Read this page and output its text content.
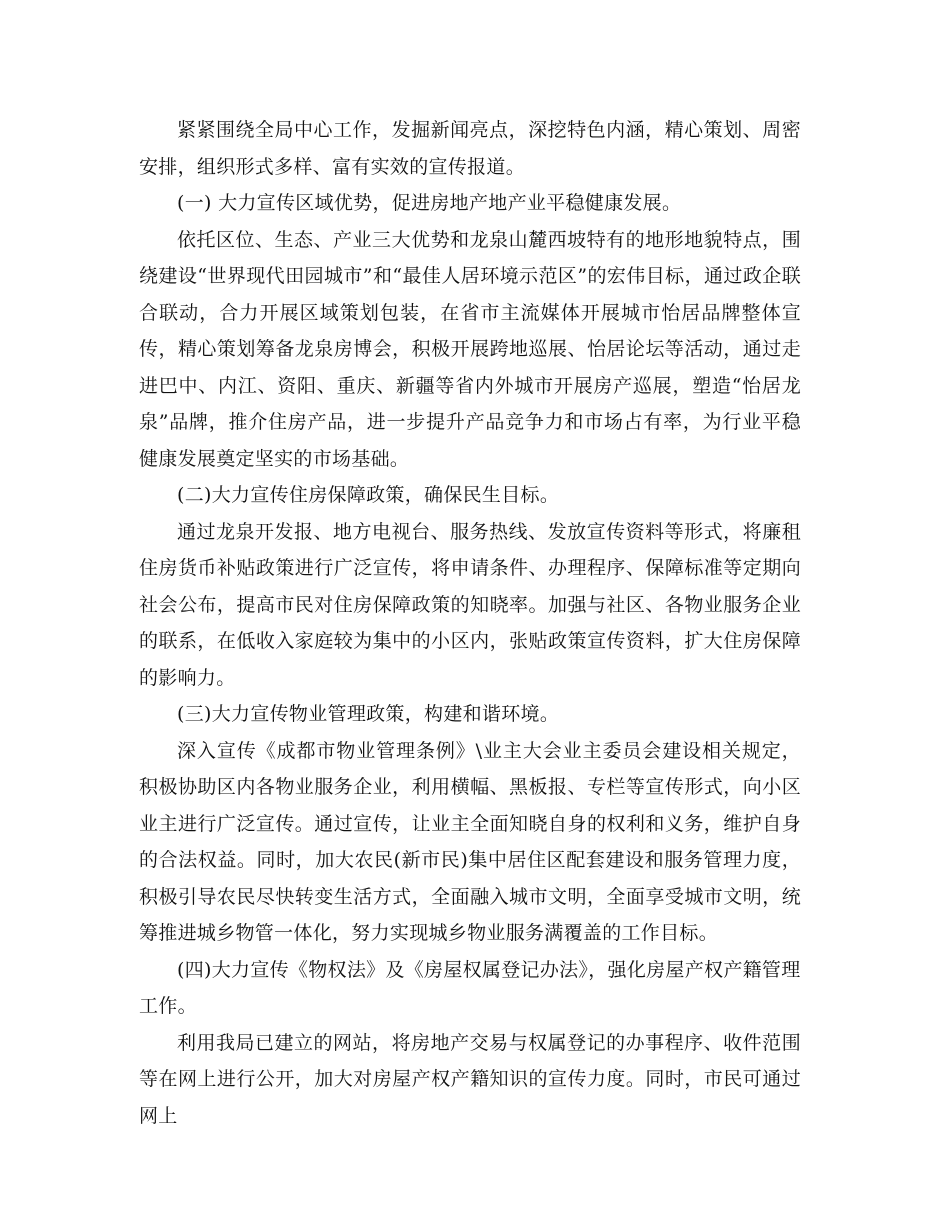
紧紧围绕全局中心工作，发掘新闻亮点，深挖特色内涵，精心策划、周密安排，组织形式多样、富有实效的宣传报道。

(一) 大力宣传区域优势，促进房地产地产业平稳健康发展。

依托区位、生态、产业三大优势和龙泉山麓西坡特有的地形地貌特点，围绕建设“世界现代田园城市”和“最佳人居环境示范区”的宏伟目标，通过政企联合联动，合力开展区域策划包装，在省市主流媒体开展城市怡居品牌整体宣传，精心策划筹备龙泉房博会，积极开展跨地巡展、怡居论坛等活动，通过走进巴中、内江、资阳、重庆、新疆等省内外城市开展房产巡展，塑造“怡居龙泉”品牌，推介住房产品，进一步提升产品竞争力和市场占有率，为行业平稳健康发展奠定坚实的市场基础。

(二)大力宣传住房保障政策，确保民生目标。

通过龙泉开发报、地方电视台、服务热线、发放宣传资料等形式，将廉租住房货币补贴政策进行广泛宣传，将申请条件、办理程序、保障标准等定期向社会公布，提高市民对住房保障政策的知晓率。加强与社区、各物业服务企业的联系，在低收入家庭较为集中的小区内，张贴政策宣传资料，扩大住房保障的影响力。

(三)大力宣传物业管理政策，构建和谐环境。

深入宣传《成都市物业管理条例》\业主大会业主委员会建设相关规定，积极协助区内各物业服务企业，利用横幅、黑板报、专栏等宣传形式，向小区业主进行广泛宣传。通过宣传，让业主全面知晓自身的权利和义务，维护自身的合法权益。同时，加大农民(新市民)集中居住区配套建设和服务管理力度，积极引导农民尽快转变生活方式，全面融入城市文明，全面享受城市文明，统筹推进城乡物管一体化，努力实现城乡物业服务满覆盖的工作目标。

(四)大力宣传《物权法》及《房屋权属登记办法》，强化房屋产权产籍管理工作。

利用我局已建立的网站，将房地产交易与权属登记的办事程序、收件范围等在网上进行公开，加大对房屋产权产籍知识的宣传力度。同时，市民可通过网上
